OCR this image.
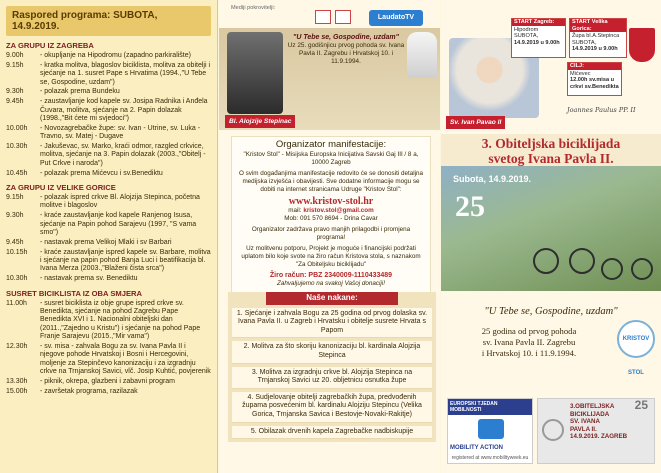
Raspored programa: SUBOTA, 14.9.2019.
ZA GRUPU IZ ZAGREBA
9.00h	- okupljanje na Hipodromu (zapadno parkiralište)
9.15h	- kratka molitva, blagoslov biciklista, molitva za obitelji i sjećanje na 1. susret Pape s Hrvatima (1994.,"U Tebe se, Gospodine, uzdam")
9.30h	- polazak prema Bundeku
9.45h	- zaustavljanje kod kapele sv. Josipa Radnika i Anđela Čuvara, molitva, sjećanje na 2. Papin dolazak (1998.,"Bit ćete mi svjedoci")
10.00h	- Novozagrebačke župe: sv. Ivan - Utrine, sv. Luka - Travno, sv. Matej - Dugave
10.30h	- Jakuševac, sv. Marko, kraći odmor, razgled crkvice, molitva, sjećanje na 3. Papin dolazak (2003.,"Obitelj - Put Crkve i naroda")
10.45h	- polazak prema Mićevcu i sv.Benediktu
ZA GRUPU IZ VELIKE GORICE
9.15h	- polazak ispred crkve Bl. Alojzija Stepinca, početna molitve i blagoslov
9.30h	- kraće zaustavljanje kod kapele Ranjenog Isusa, sjećanje na Papin pohod Sarajevu (1997, "S vama smo")
9.45h	- nastavak prema Velikoj Mlaki i sv Barbari
10.15h	- kraće zaustavljanje ispred kapele sv. Barbare, molitva i sjećanje na papin pohod Banja Luci i beatifikacija bl. Ivana Merza (2003.,"Blaženi čista srca")
10.30h	- nastavak prema sv. Benediktu
SUSRET BICIKLISTA IZ OBA SMJERA
11.00h	- susret biciklista iz obje grupe ispred crkve sv. Benedikta, sjećanje na pohod Zagrebu Pape Benedikta XVI i 1. Nacionalni obiteljski dan (2011.,"Zajedno u Kristu") i sjećanje na pohod Pape Franje Sarajevu (2015.,"Mir vama")
12.30h	- sv. misa - zahvala Bogu za sv. Ivana Pavla II i njegove pohode Hrvatskoj i Bosni i Hercegovini, moljenje za Stepinčevo kanonizaciju i za izgradnju crkve na Trnjanskoj Savici, vlč. Josip Kuhtić, povjerenik
13.30h	- piknik, okrepa, glazbeni i zabavni program
15.00h	- završetak programa, razilazak
Mediji pokrovitelji:
LaudatoTV
"U Tebe se, Gospodine, uzdam"
Uz 25. godišnjicu prvog pohoda sv. Ivana Pavla II. Zagrebu i Hrvatskoj 10. i 11.9.1994.
Bl. Alojzije Stepinac
Organizator manifestacije:
"Kristov Stol" - Misijska Europska Inicijativa Savski Gaj III / 8 a, 10000 Zagreb
O svim događanjima manifestacije redovito će se donositi detaljna medijska izvješća i obavijesti. Sve dodatne informacije mogu se dobiti na internet stranicama Udruge "Kristov Stol":
www.kristov-stol.hr
mail: kristov.stol@gmail.com
Mob: 091 570 8694 - Drina Cavar
Organizator zadržava pravo manjih prilagodbi i promjena programa!
Uz molitvenu potporu, Projekt je moguće i financijski podržati uplatom bilo koje svote na žiro račun Kristova stola, s naznakom "Za Obiteljsku biciklijadu"
Žiro račun: PBZ 2340009-1110433489
Zahvaljujemo na svakoj Vašoj donaciji!
Naše nakane:
1. Sjećanje i zahvala Bogu za 25 godina od prvog dolaska sv. Ivana Pavla II. u Zagreb i Hrvatsku i obitelje susrete Hrvata s Papom
2. Molitva za što skoriju kanonizaciju bl. kardinala Alojzija Stepinca
3. Molitva za izgradnju crkve bl. Alojzija Stepinca na Trnjanskoj Savici uz 20. obljetnicu osnutka župe
4. Sudjelovanje obitelji zagrebačkih župa, predvođenih župama posvećenim bl. kardinalu Alojziju Stepincu (Velika Gorica, Trnjanska Savica i Bestovje-Novaki-Rakitje)
5. Obilazak drvenih kapela Zagrebačke nadbiskupije
START Zagreb:
Hipodrom
SUBOTA,
14.9.2019 u 9.00h
START Velika Gorica:
Župa bl.A.Stepinca
SUBOTA,
14.9.2019 u 9.00h
CILJ:
Mićevec
12.00h sv.misa u
crkvi sv.Benedikta
Joannes Paulus PP. II
Sv. Ivan Pavao II
3. Obiteljska biciklijada
svetog Ivana Pavla II.
Subota, 14.9.2019.
25
"U Tebe se, Gospodine, uzdam"
25 godina od prvog pohoda
sv. Ivana Pavla II. Zagrebu
i Hrvatskoj 10. i 11.9.1994.
KRISTOV STOL
EUROPSKI TJEDAN MOBILNOSTI
MOBILITY ACTION
registered at www.mobilityweek.eu
25
3.OBITELJSKA
BICIKLIJADA
SV. IVANA
PAVLA II.
14.9.2019. ZAGREB
